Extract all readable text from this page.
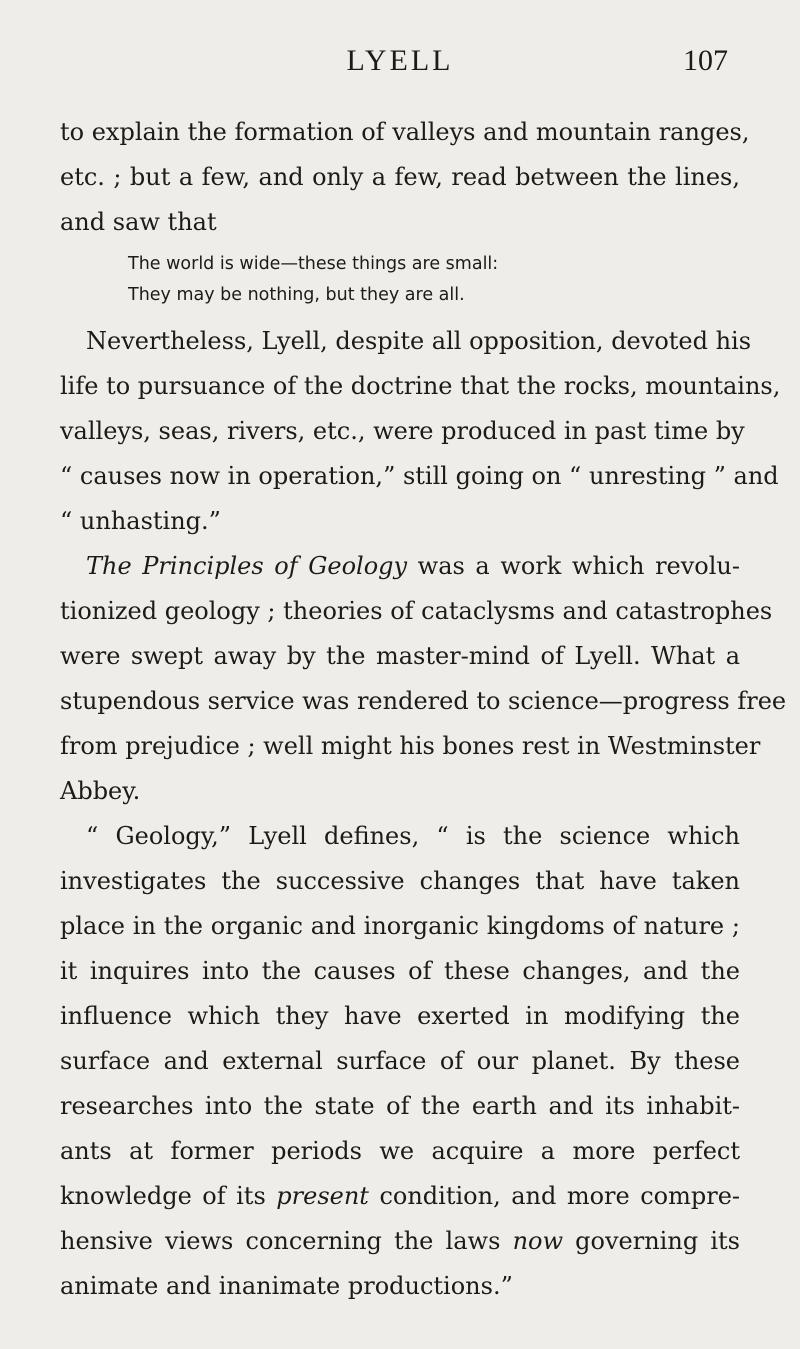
LYELL	107
to explain the formation of valleys and mountain ranges,
etc. ; but a few, and only a few, read between the lines,
and saw that
The world is wide—these things are small:
They may be nothing, but they are all.
Nevertheless, Lyell, despite all opposition, devoted his
life to pursuance of the doctrine that the rocks, mountains,
valleys, seas, rivers, etc., were produced in past time by
“ causes now in operation,” still going on “ unresting ” and
“ unhasting.”
The Principles of Geology was a work which revolu-
tionized geology ; theories of cataclysms and catastrophes
were swept away by the master-mind of Lyell. What a
stupendous service was rendered to science—progress free
from prejudice ; well might his bones rest in Westminster
Abbey.
“ Geology,” Lyell defines, “ is the science which
investigates the successive changes that have taken
place in the organic and inorganic kingdoms of nature ;
it inquires into the causes of these changes, and the
influence which they have exerted in modifying the
surface and external surface of our planet. By these
researches into the state of the earth and its inhabit-
ants at former periods we acquire a more perfect
knowledge of its present condition, and more compre-
hensive views concerning the laws now governing its
animate and inanimate productions.”
